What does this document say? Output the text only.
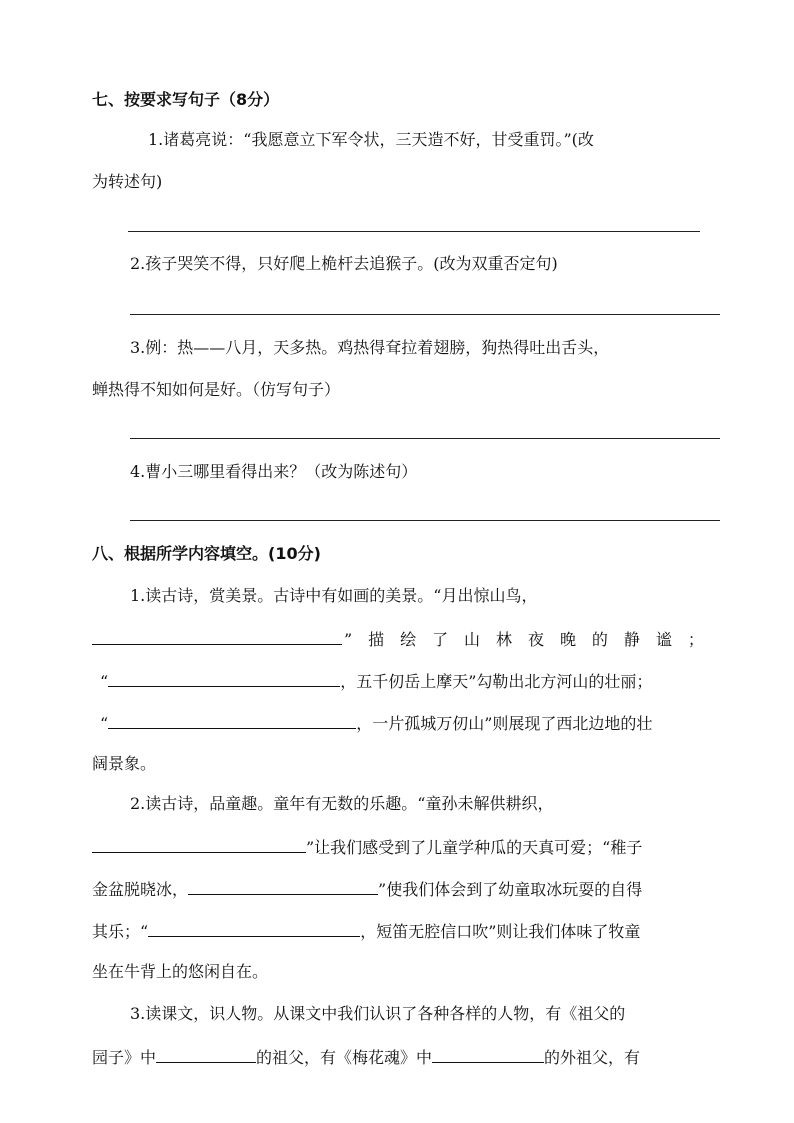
七、按要求写句子（8分）
1.诸葛亮说：“我愿意立下军令状，三天造不好，甘受重罚。”(改
为转述句)
2.孩子哭笑不得，只好爬上桅杆去追猴子。(改为双重否定句)
3.例：热——八月，天多热。鸡热得耷拉着翅膀，狗热得吐出舌头，
蝉热得不知如何是好。（仿写句子）
4.曹小三哪里看得出来？（改为陈述句）
八、根据所学内容填空。(10分)
1.读古诗，赏美景。古诗中有如画的美景。“月出惊山鸟，
” 描 绘 了 山 林 夜 晚 的 静 谧 ；
“	，五千仞岳上摩天”勾勒出北方河山的壮丽；
“	，一片孤城万仞山”则展现了西北边地的壮
阔景象。
2.读古诗，品童趣。童年有无数的乐趣。“童孙未解供耕织，
”让我们感受到了儿童学种瓜的天真可爱；“稚子
金盆脱晓冰，	”使我们体会到了幼童取冰玩耍的自得
其乐；“	，短笛无腔信口吹”则让我们体味了牧童
坐在牛背上的悠闲自在。
3.读课文，识人物。从课文中我们认识了各种各样的人物，有《祖父的
园子》中	的祖父，有《梅花魂》中	的外祖父，有
